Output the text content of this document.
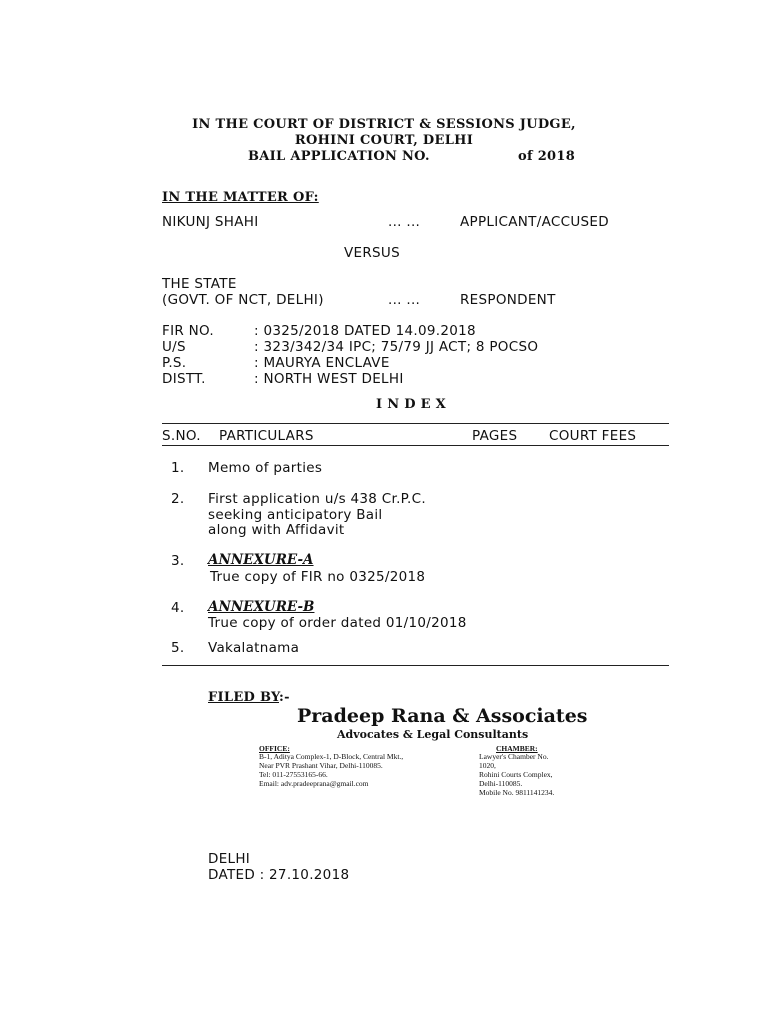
IN THE COURT OF DISTRICT & SESSIONS JUDGE,
ROHINI COURT, DELHI
BAIL APPLICATION NO.	of 2018
IN THE MATTER OF:
NIKUNJ SHAHI	... ...	APPLICANT/ACCUSED
VERSUS
THE STATE
(GOVT. OF NCT, DELHI)	... ...	RESPONDENT
FIR NO.	: 0325/2018 DATED 14.09.2018
U/S	: 323/342/34 IPC; 75/79 JJ ACT; 8 POCSO
P.S.	: MAURYA ENCLAVE
DISTT.	: NORTH WEST DELHI
I N D E X
S.NO. PARTICULARS	PAGES COURT FEES
1. Memo of parties
2. First application u/s 438 Cr.P.C.
seeking anticipatory Bail
along with Affidavit
3. ANNEXURE-A
True copy of FIR no 0325/2018
4. ANNEXURE-B
True copy of order dated 01/10/2018
5. Vakalatnama
FILED BY:-
Pradeep Rana & Associates
Advocates & Legal Consultants
OFFICE:
B-1, Aditya Complex-1, D-Block, Central Mkt.,
Near PVR Prashant Vihar, Delhi-110085.
Tel: 011-27553165-66.
Email: adv.pradeeprana@gmail.com
CHAMBER:
Lawyer's Chamber No.
1020,
Rohini Courts Complex,
Delhi-110085.
Mobile No. 9811141234.
DELHI
DATED : 27.10.2018
